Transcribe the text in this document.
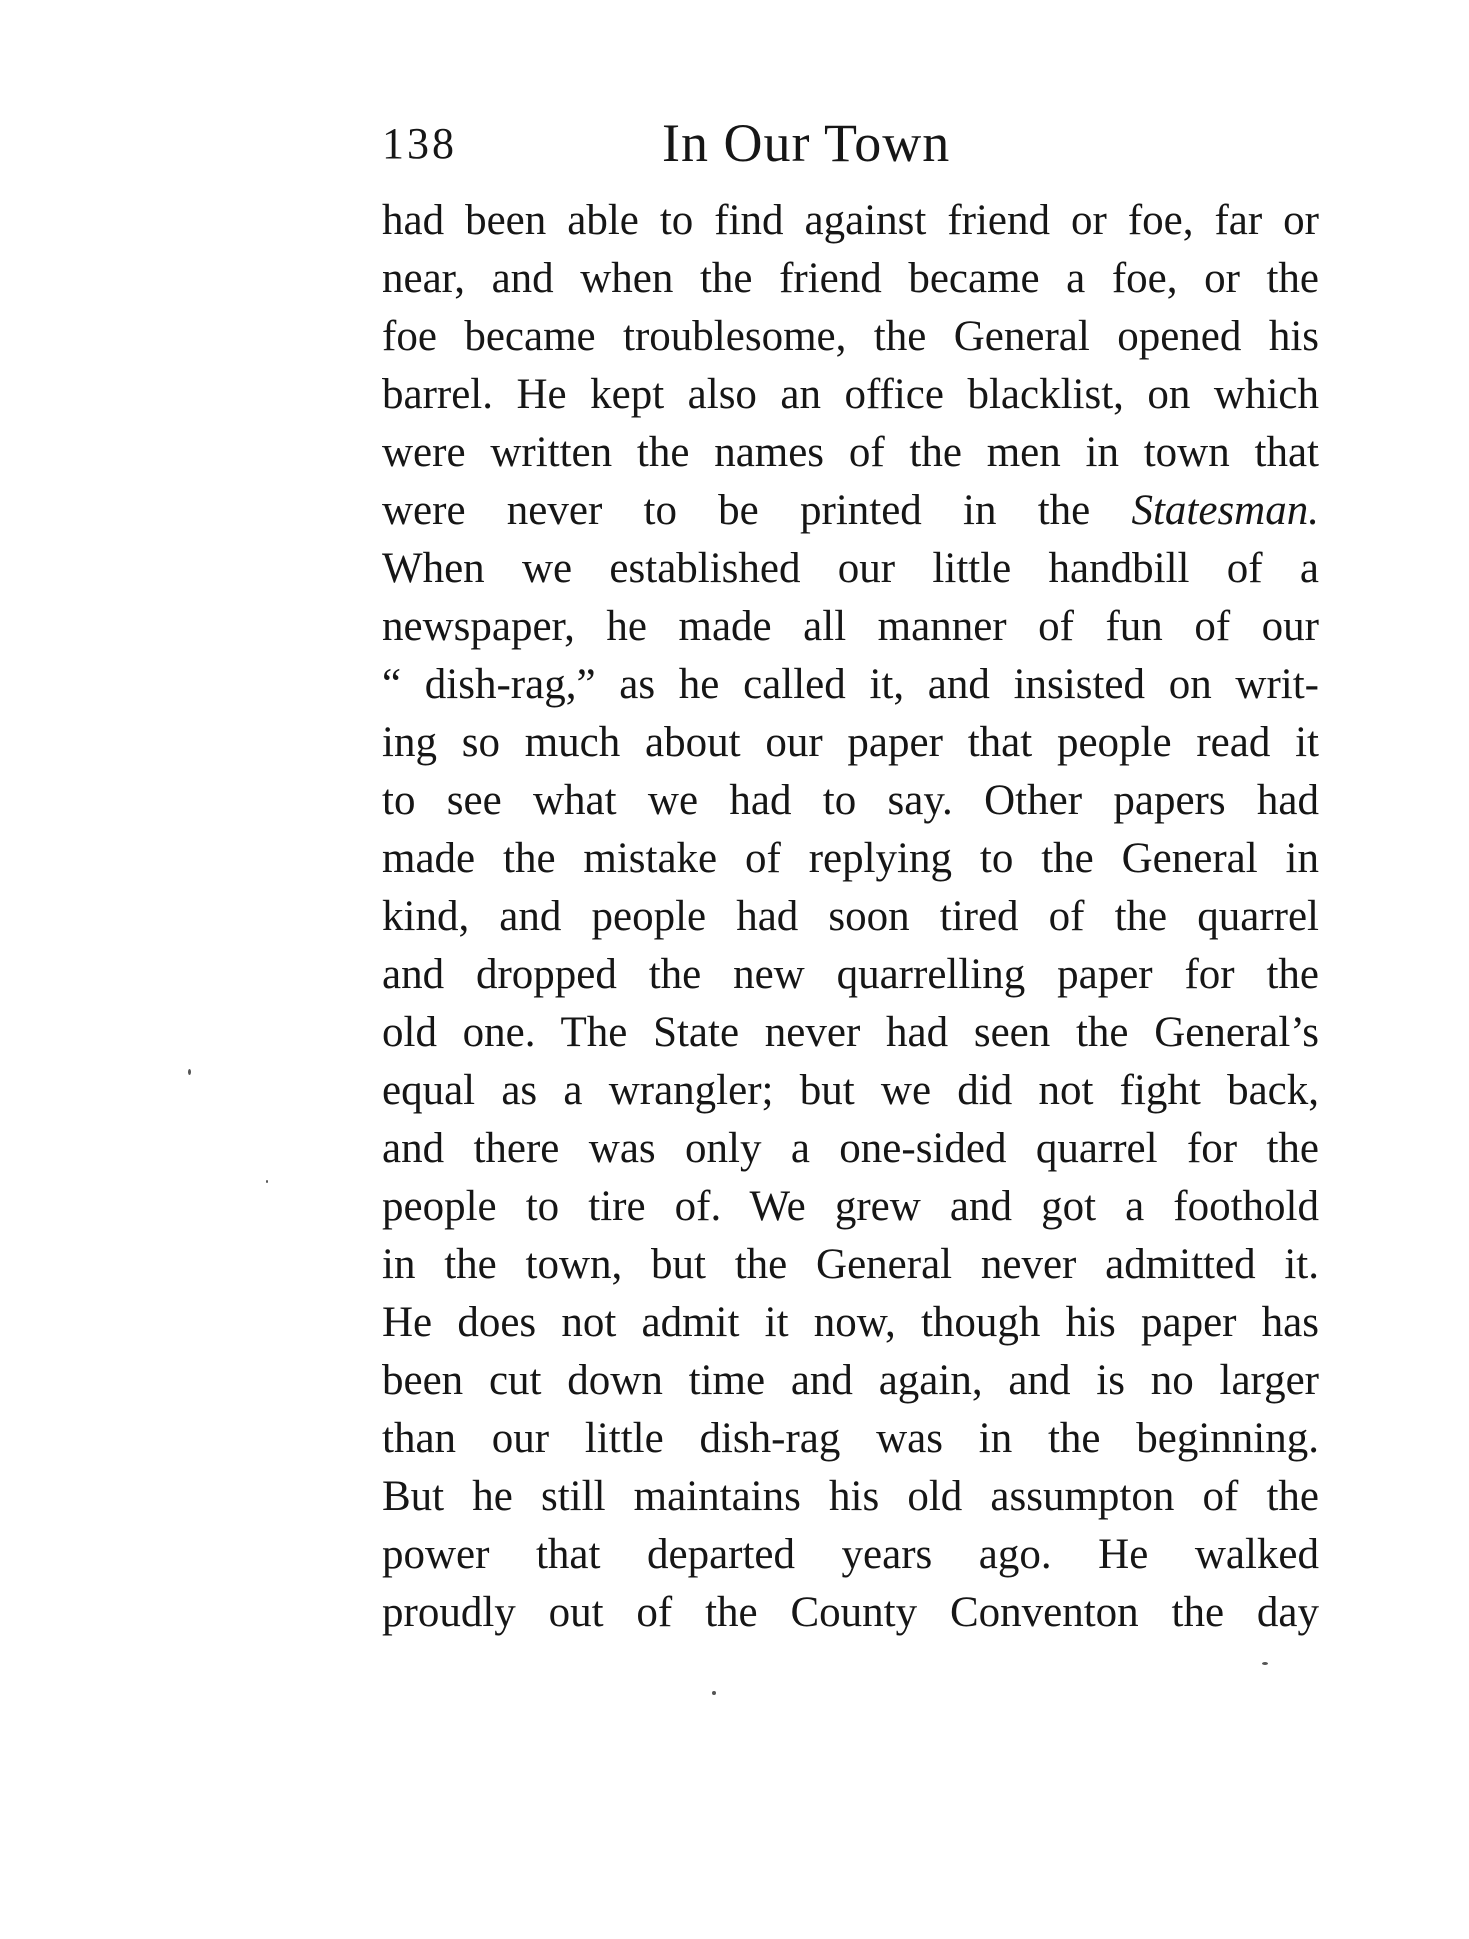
138	In Our Town
had been able to find against friend or foe, far or
near, and when the friend became a foe, or the
foe became troublesome, the General opened his
barrel. He kept also an office blacklist, on which
were written the names of the men in town that
were never to be printed in the Statesman.
When we established our little handbill of a
newspaper, he made all manner of fun of our
“ dish-rag,” as he called it, and insisted on writ-
ing so much about our paper that people read it
to see what we had to say. Other papers had
made the mistake of replying to the General in
kind, and people had soon tired of the quarrel
and dropped the new quarrelling paper for the
old one. The State never had seen the General’s
equal as a wrangler; but we did not fight back,
and there was only a one-sided quarrel for the
people to tire of. We grew and got a foothold
in the town, but the General never admitted it.
He does not admit it now, though his paper has
been cut down time and again, and is no larger
than our little dish-rag was in the beginning.
But he still maintains his old assumpton of the
power that departed years ago. He walked
proudly out of the County Conventon the day
